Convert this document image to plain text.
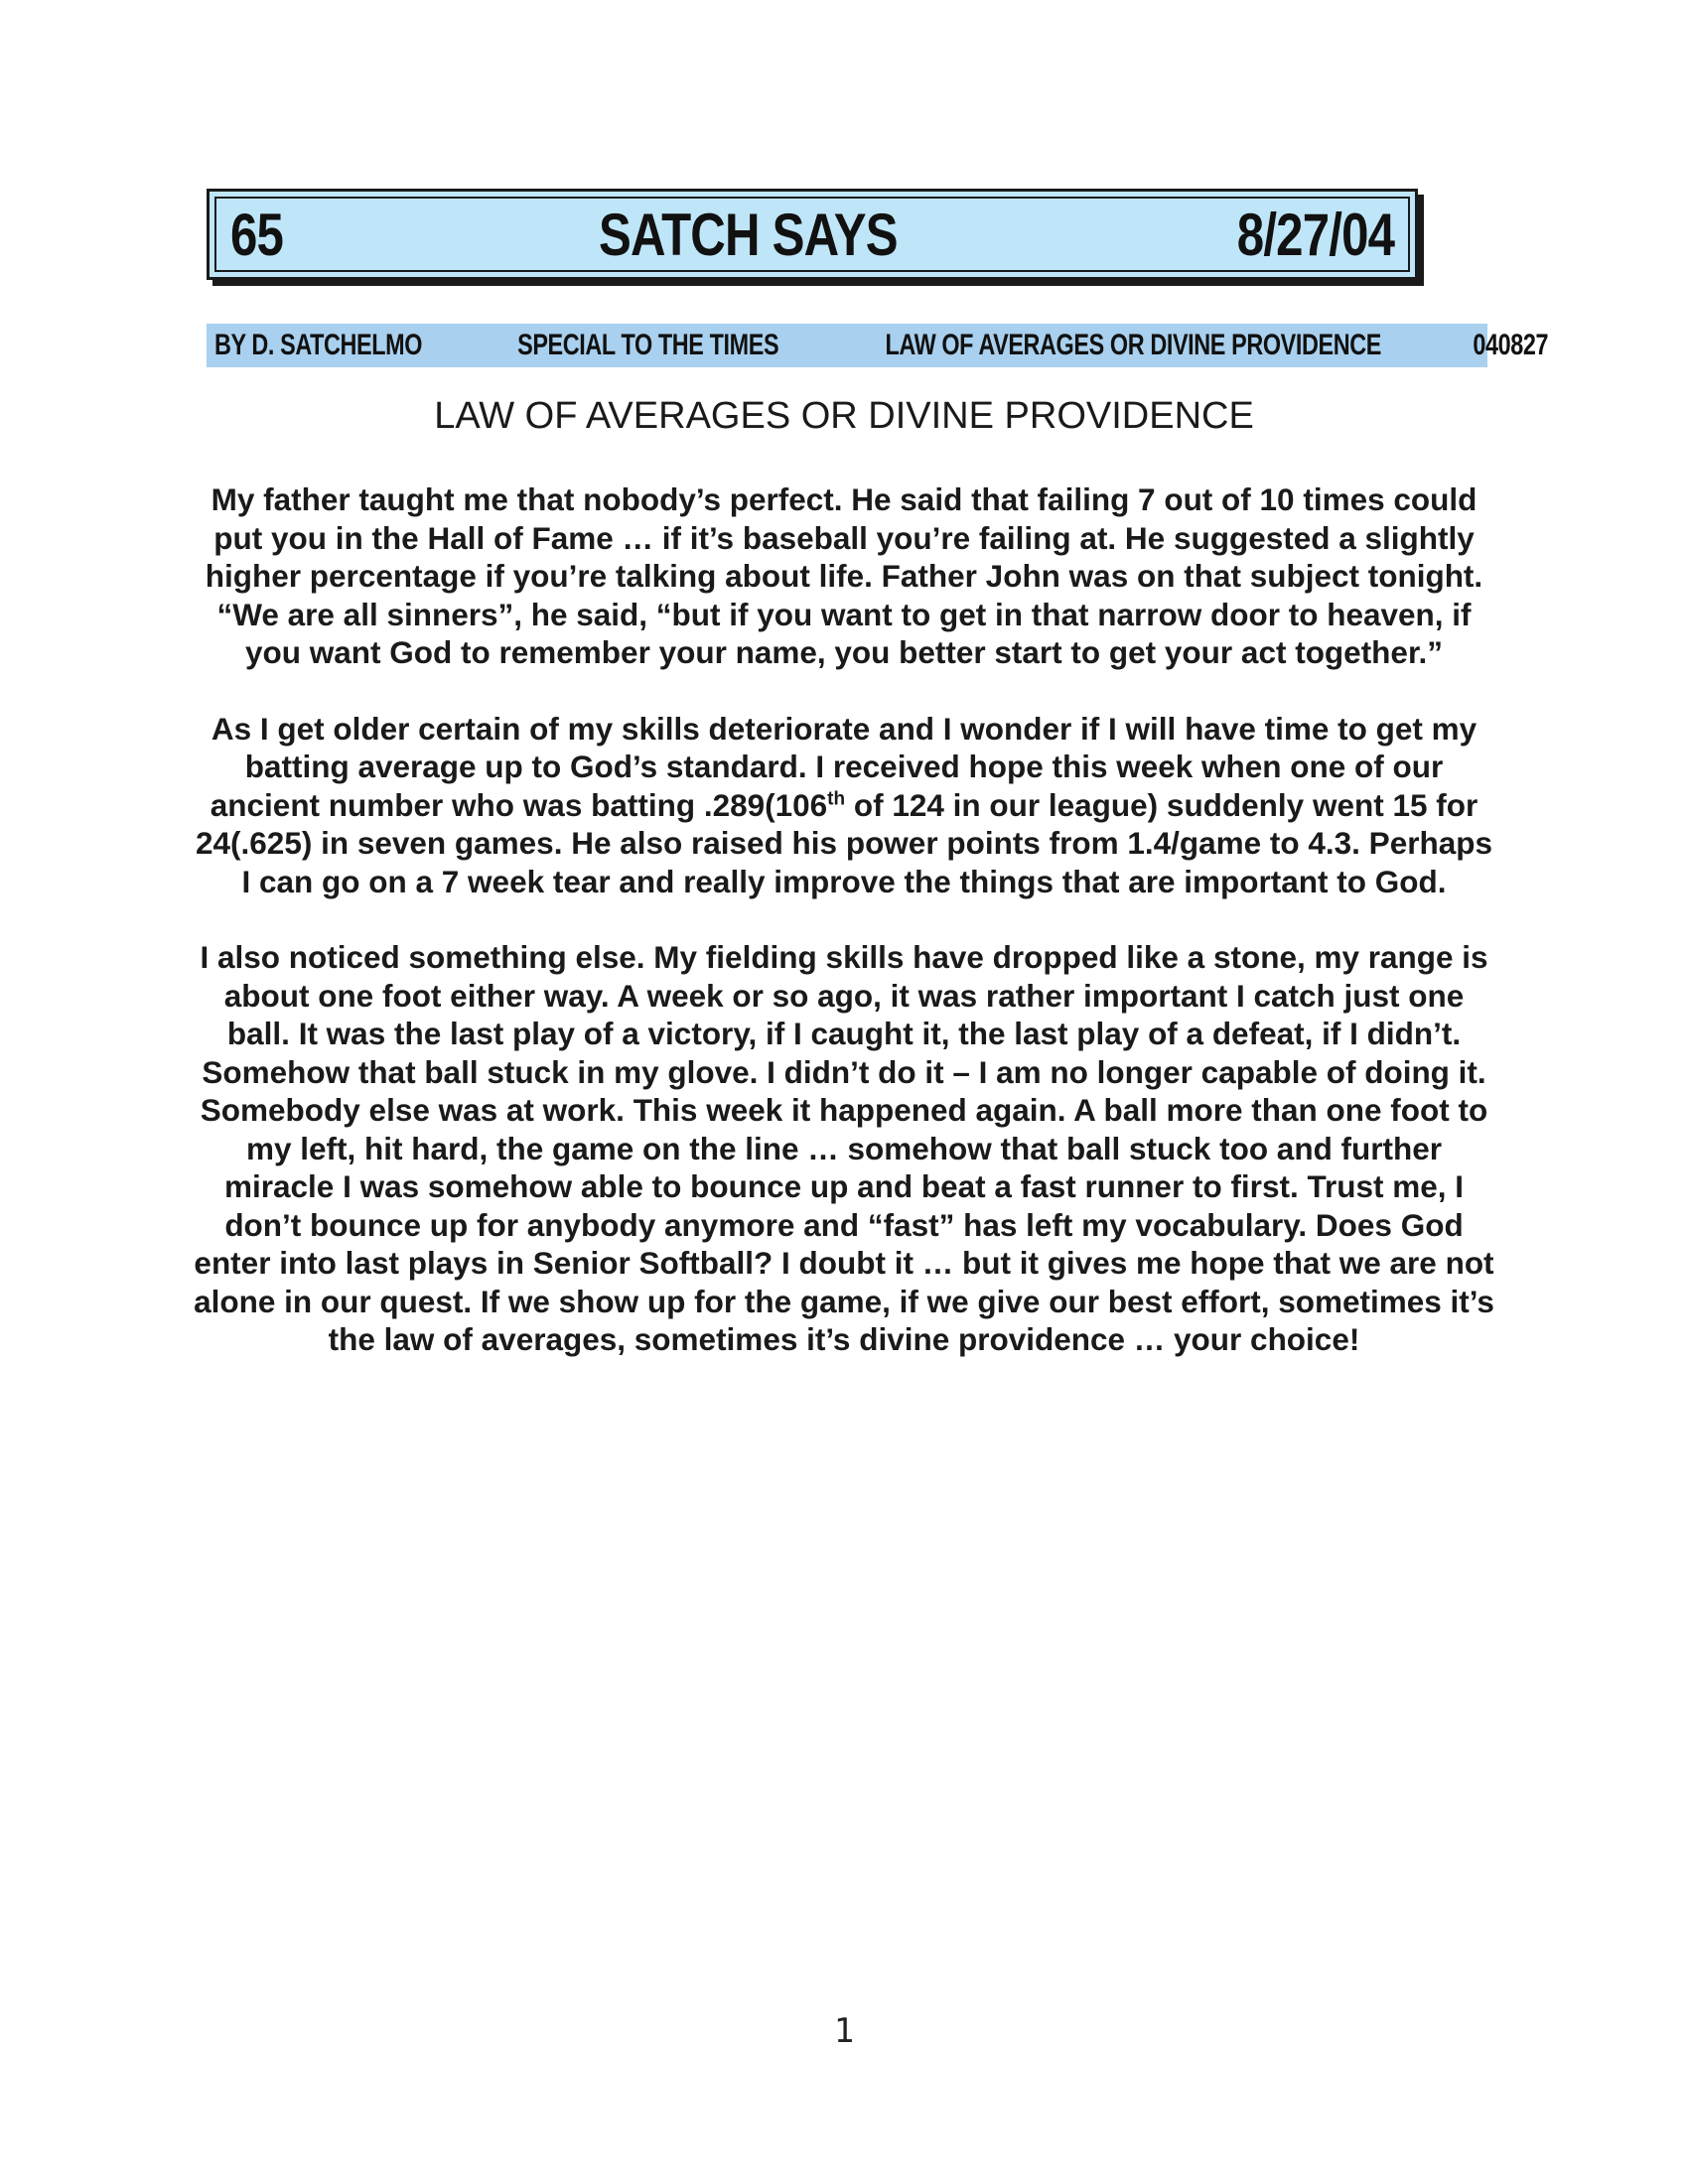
65	SATCH SAYS	8/27/04
BY D. SATCHELMO	SPECIAL TO THE TIMES	LAW OF AVERAGES OR DIVINE PROVIDENCE	040827
LAW OF AVERAGES OR DIVINE PROVIDENCE

My father taught me that nobody’s perfect. He said that failing 7 out of 10 times could put you in the Hall of Fame … if it’s baseball you’re failing at. He suggested a slightly higher percentage if you’re talking about life. Father John was on that subject tonight. “We are all sinners”, he said, “but if you want to get in that narrow door to heaven, if you want God to remember your name, you better start to get your act together.”

As I get older certain of my skills deteriorate and I wonder if I will have time to get my batting average up to God’s standard. I received hope this week when one of our ancient number who was batting .289(106th of 124 in our league) suddenly went 15 for 24(.625) in seven games. He also raised his power points from 1.4/game to 4.3. Perhaps I can go on a 7 week tear and really improve the things that are important to God.

I also noticed something else. My fielding skills have dropped like a stone, my range is about one foot either way. A week or so ago, it was rather important I catch just one ball. It was the last play of a victory, if I caught it, the last play of a defeat, if I didn’t. Somehow that ball stuck in my glove. I didn’t do it – I am no longer capable of doing it. Somebody else was at work. This week it happened again. A ball more than one foot to my left, hit hard, the game on the line … somehow that ball stuck too and further miracle I was somehow able to bounce up and beat a fast runner to first. Trust me, I don’t bounce up for anybody anymore and “fast” has left my vocabulary. Does God enter into last plays in Senior Softball? I doubt it … but it gives me hope that we are not alone in our quest. If we show up for the game, if we give our best effort, sometimes it’s the law of averages, sometimes it’s divine providence … your choice!

1
